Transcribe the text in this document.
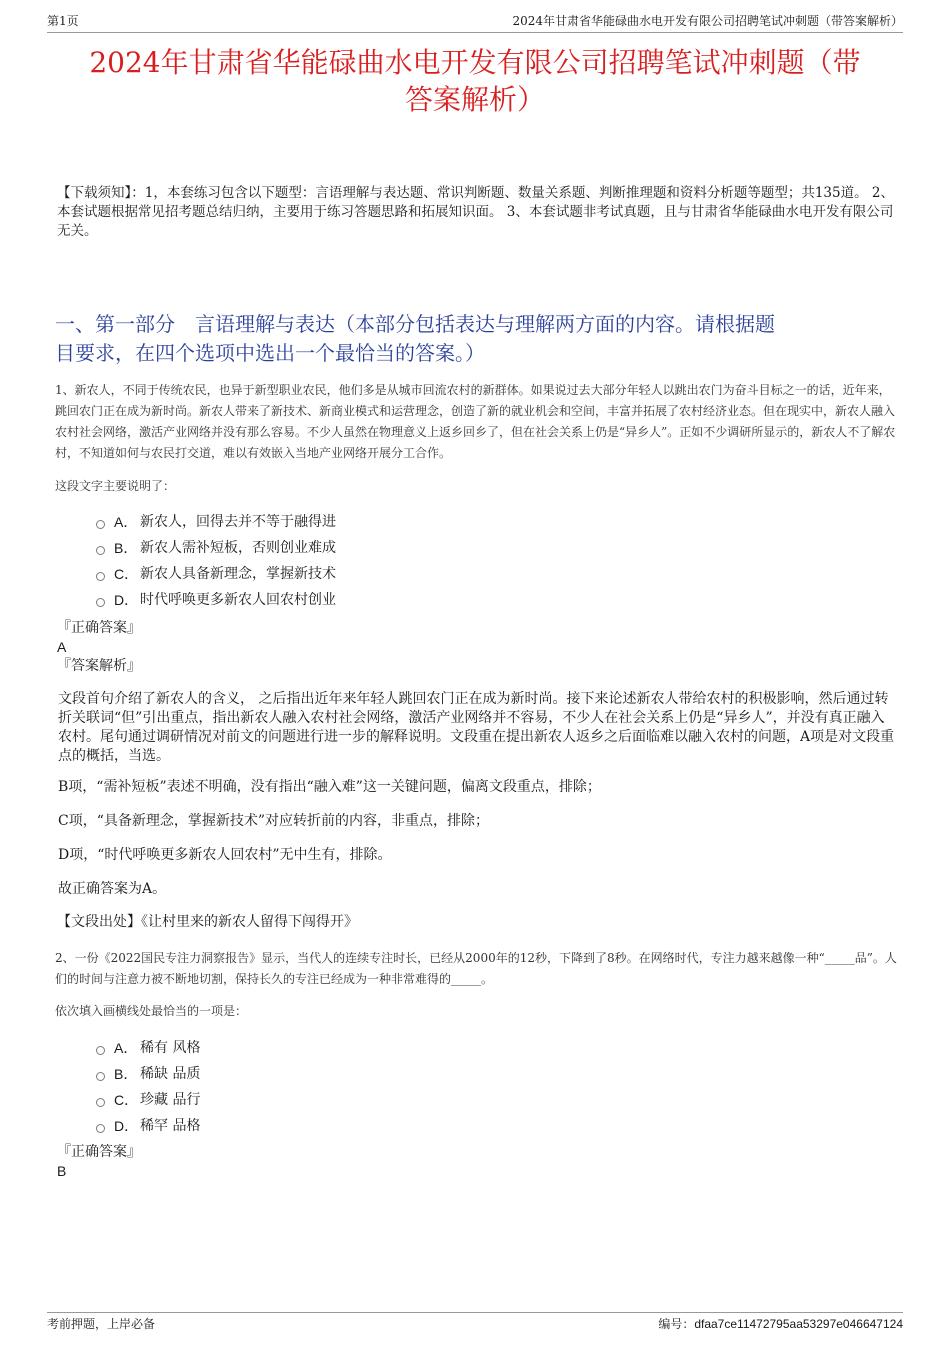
第1页	2024年甘肃省华能碌曲水电开发有限公司招聘笔试冲刺题（带答案解析）
2024年甘肃省华能碌曲水电开发有限公司招聘笔试冲刺题（带
答案解析）
【下载须知】：1，本套练习包含以下题型：言语理解与表达题、常识判断题、数量关系题、判断推理题和资料分析题等题型；共135道。 2、本套试题根据常见招考题总结归纳，主要用于练习答题思路和拓展知识面。 3、本套试题非考试真题，且与甘肃省华能碌曲水电开发有限公司无关。
一、第一部分　言语理解与表达（本部分包括表达与理解两方面的内容。请根据题
目要求，在四个选项中选出一个最恰当的答案。）
1、新农人，不同于传统农民，也异于新型职业农民，他们多是从城市回流农村的新群体。如果说过去大部分年轻人以跳出农门为奋斗目标之一的话，近年来，跳回农门正在成为新时尚。新农人带来了新技术、新商业模式和运营理念，创造了新的就业机会和空间，丰富并拓展了农村经济业态。但在现实中，新农人融入农村社会网络，激活产业网络并没有那么容易。不少人虽然在物理意义上返乡回乡了，但在社会关系上仍是“异乡人”。正如不少调研所显示的，新农人不了解农村，不知道如何与农民打交道，难以有效嵌入当地产业网络开展分工合作。
这段文字主要说明了：
A． 新农人，回得去并不等于融得进
B． 新农人需补短板，否则创业难成
C． 新农人具备新理念，掌握新技术
D． 时代呼唤更多新农人回农村创业
『正确答案』
A
『答案解析』
文段首句介绍了新农人的含义， 之后指出近年来年轻人跳回农门正在成为新时尚。接下来论述新农人带给农村的积极影响，然后通过转折关联词“但”引出重点，指出新农人融入农村社会网络，激活产业网络并不容易，不少人在社会关系上仍是“异乡人”，并没有真正融入农村。尾句通过调研情况对前文的问题进行进一步的解释说明。文段重在提出新农人返乡之后面临难以融入农村的问题，A项是对文段重点的概括，当选。
B项，“需补短板”表述不明确，没有指出“融入难”这一关键问题，偏离文段重点，排除；
C项，“具备新理念，掌握新技术”对应转折前的内容，非重点，排除；
D项，“时代呼唤更多新农人回农村”无中生有，排除。
故正确答案为A。
【文段出处】《让村里来的新农人留得下闯得开》
2、一份《2022国民专注力洞察报告》显示，当代人的连续专注时长，已经从2000年的12秒，下降到了8秒。在网络时代，专注力越来越像一种“_____品”。人们的时间与注意力被不断地切割，保持长久的专注已经成为一种非常难得的_____。
依次填入画横线处最恰当的一项是：
A． 稀有 风格
B． 稀缺 品质
C． 珍藏 品行
D． 稀罕 品格
『正确答案』
B
考前押题，上岸必备	编号：dfaa7ce11472795aa53297e046647124
